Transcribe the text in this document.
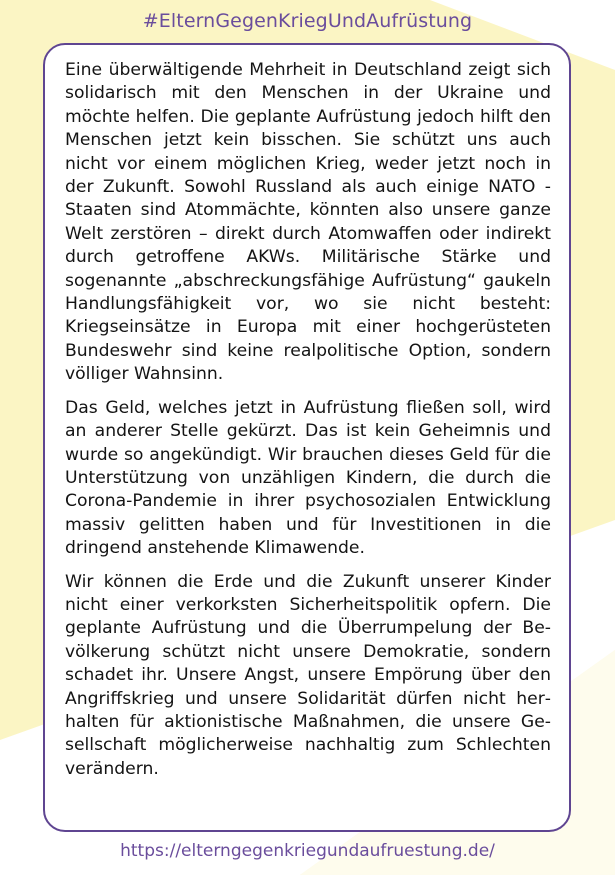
#ElternGegenKriegUndAufrüstung

Eine überwältigende Mehrheit in Deutschland zeigt sich solidarisch mit den Menschen in der Ukraine und möchte helfen. Die geplante Aufrüstung jedoch hilft den Menschen jetzt kein bisschen. Sie schützt uns auch nicht vor einem möglichen Krieg, weder jetzt noch in der Zukunft. Sowohl Russland als auch einige NATO - Staaten sind Atommächte, könnten also unsere ganze Welt zerstören – direkt durch Atomwaffen oder indirekt durch getroffene AKWs. Militärische Stärke und sogenannte „abschreckungsfähige Aufrüstung“ gaukeln Handlungsfähigkeit vor, wo sie nicht besteht: Kriegseinsätze in Europa mit einer hochgerüsteten Bundeswehr sind keine realpolitische Option, sondern völliger Wahnsinn.

Das Geld, welches jetzt in Aufrüstung fließen soll, wird an anderer Stelle gekürzt. Das ist kein Geheimnis und wurde so angekündigt. Wir brauchen dieses Geld für die Unterstützung von unzähligen Kindern, die durch die Corona-Pandemie in ihrer psychosozialen Entwicklung massiv gelitten haben und für Investitionen in die dringend anstehende Klimawende.

Wir können die Erde und die Zukunft unserer Kinder nicht einer verkorksten Sicherheitspolitik opfern. Die geplante Aufrüstung und die Überrumpelung der Bevölkerung schützt nicht unsere Demokratie, sondern schadet ihr. Unsere Angst, unsere Empörung über den Angriffskrieg und unsere Solidarität dürfen nicht herhalten für aktionistische Maßnahmen, die unsere Gesellschaft möglicherweise nachhaltig zum Schlechten verändern.

https://elterngegenkriegundaufruestung.de/
